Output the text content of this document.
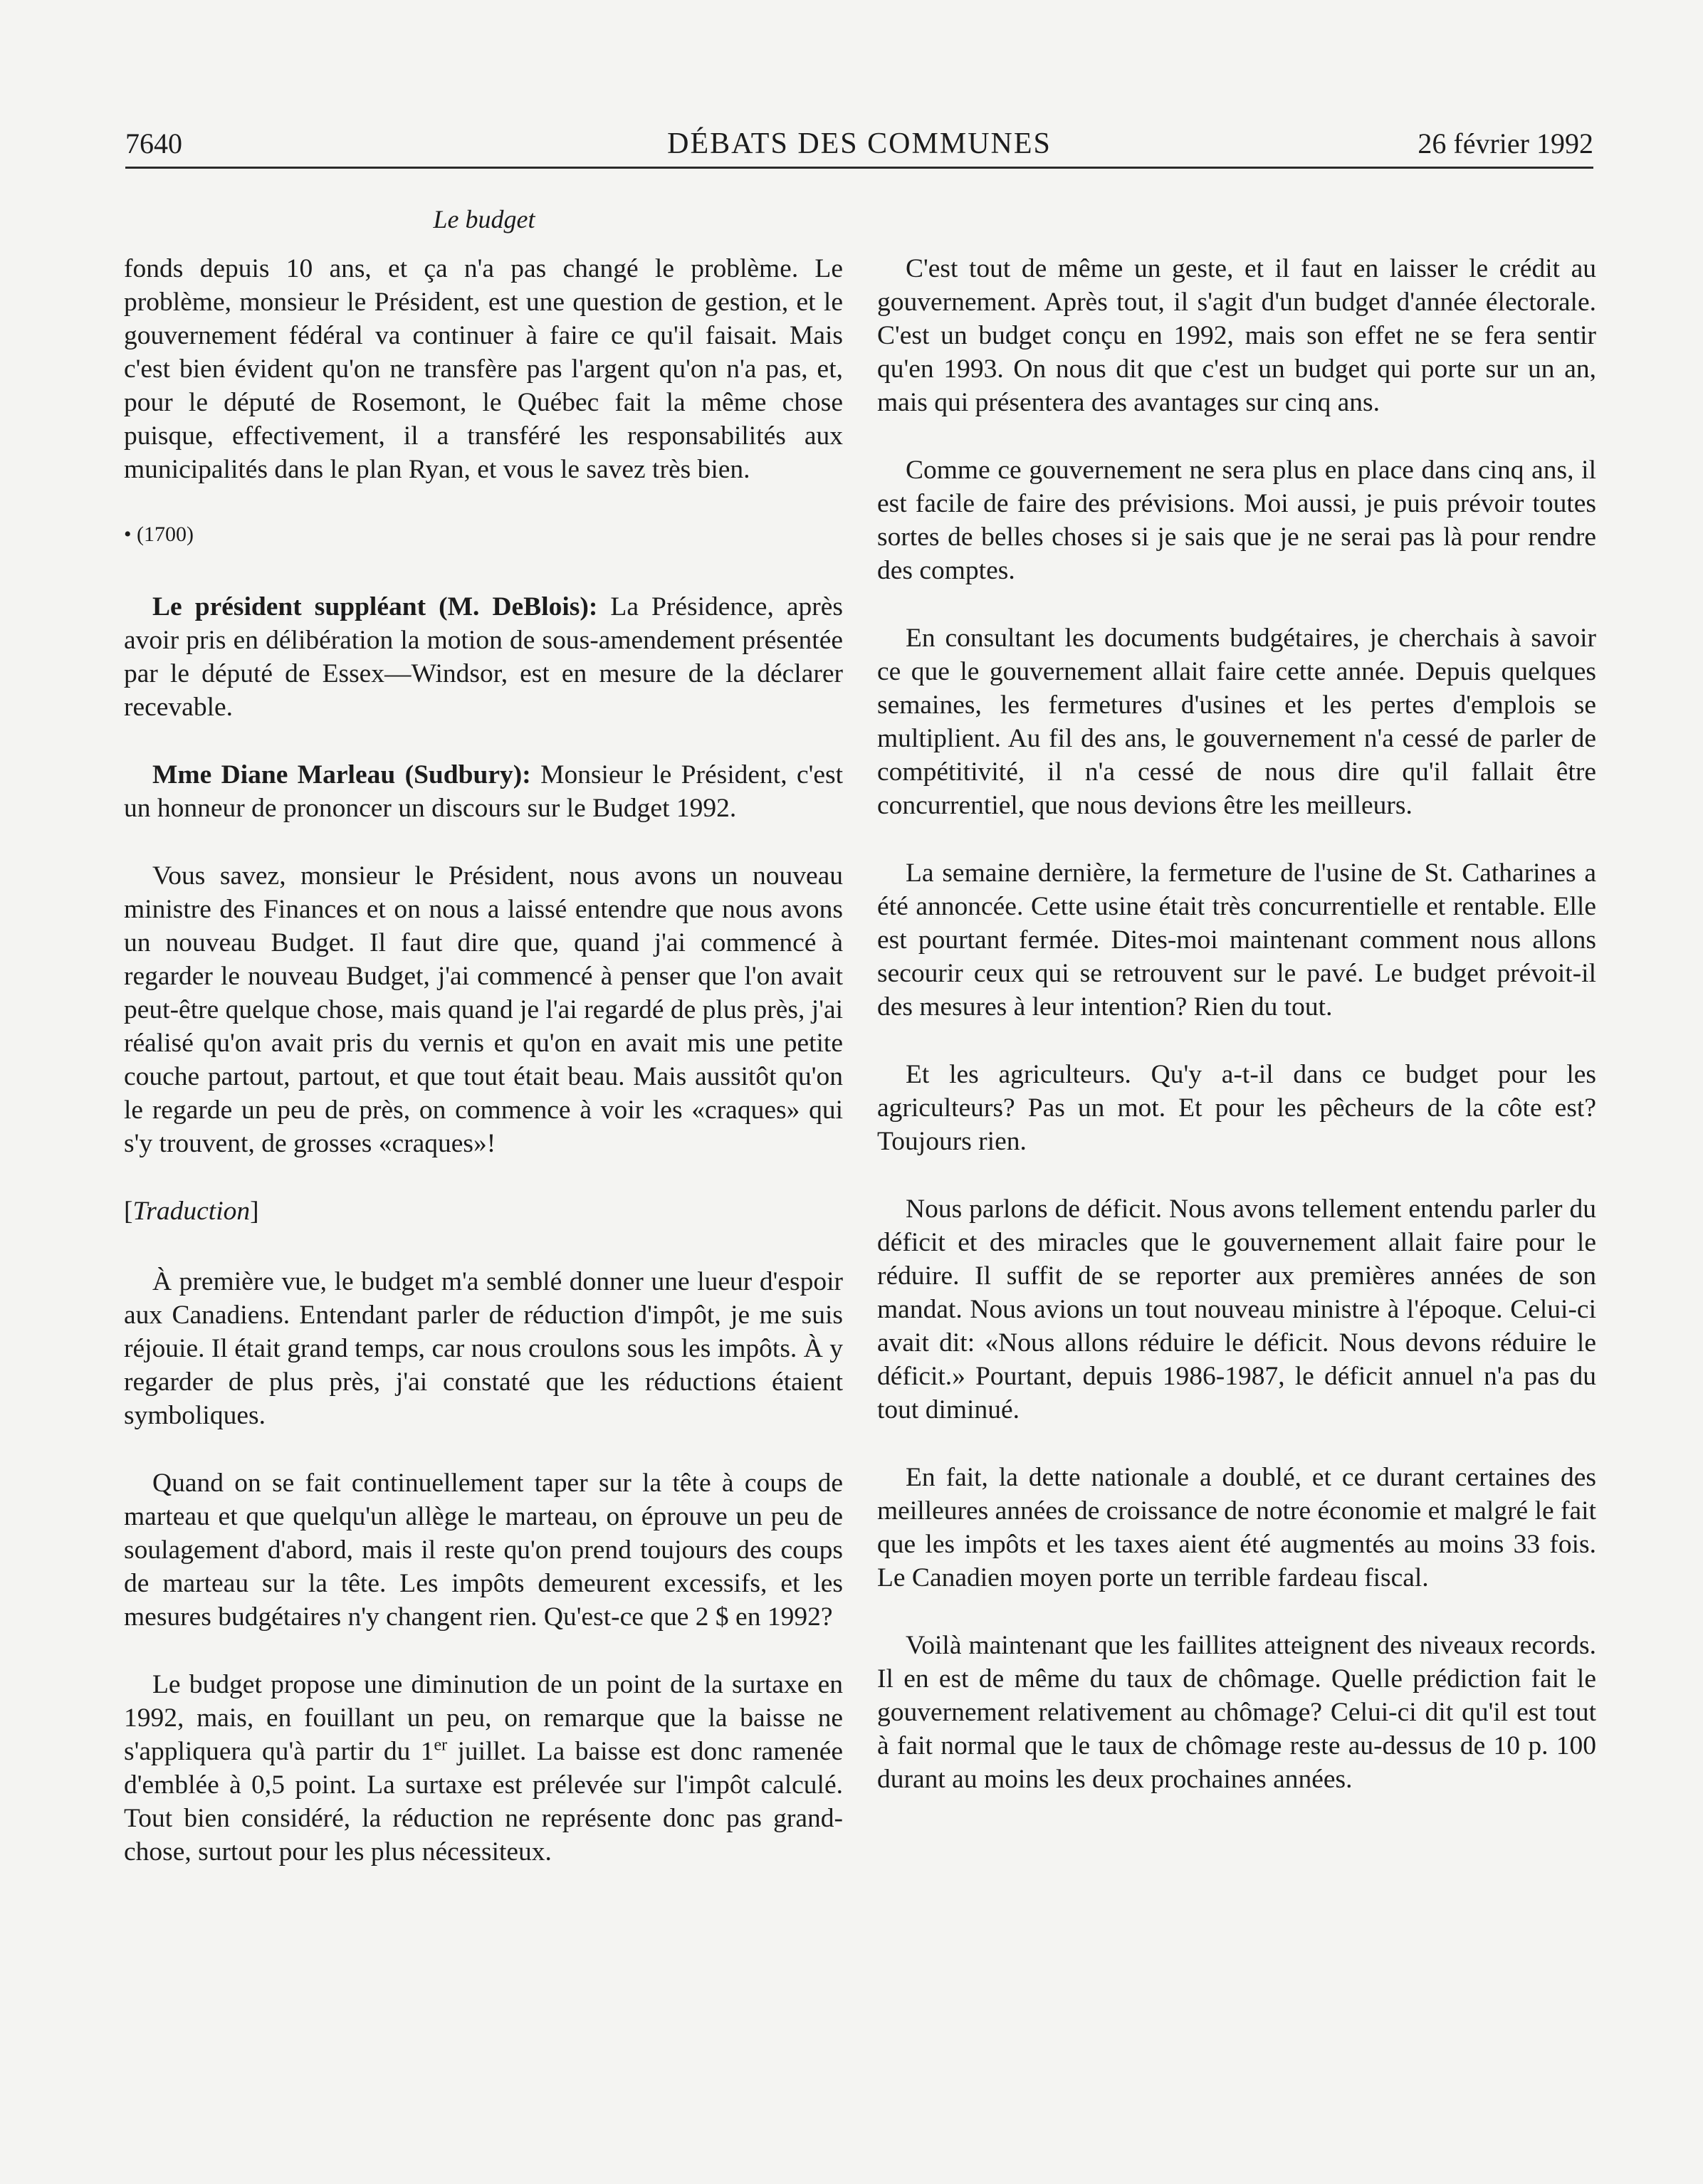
7640	DÉBATS DES COMMUNES	26 février 1992
Le budget

fonds depuis 10 ans, et ça n'a pas changé le problème. Le problème, monsieur le Président, est une question de gestion, et le gouvernement fédéral va continuer à faire ce qu'il faisait. Mais c'est bien évident qu'on ne transfère pas l'argent qu'on n'a pas, et, pour le député de Rosemont, le Québec fait la même chose puisque, effectivement, il a transféré les responsabilités aux municipalités dans le plan Ryan, et vous le savez très bien.

• (1700)

Le président suppléant (M. DeBlois): La Présidence, après avoir pris en délibération la motion de sous-amendement présentée par le député de Essex—Windsor, est en mesure de la déclarer recevable.

Mme Diane Marleau (Sudbury): Monsieur le Président, c'est un honneur de prononcer un discours sur le Budget 1992.

Vous savez, monsieur le Président, nous avons un nouveau ministre des Finances et on nous a laissé entendre que nous avons un nouveau Budget. Il faut dire que, quand j'ai commencé à regarder le nouveau Budget, j'ai commencé à penser que l'on avait peut-être quelque chose, mais quand je l'ai regardé de plus près, j'ai réalisé qu'on avait pris du vernis et qu'on en avait mis une petite couche partout, partout, et que tout était beau. Mais aussitôt qu'on le regarde un peu de près, on commence à voir les «craques» qui s'y trouvent, de grosses «craques»!

[Traduction]

À première vue, le budget m'a semblé donner une lueur d'espoir aux Canadiens. Entendant parler de réduction d'impôt, je me suis réjouie. Il était grand temps, car nous croulons sous les impôts. À y regarder de plus près, j'ai constaté que les réductions étaient symboliques.

Quand on se fait continuellement taper sur la tête à coups de marteau et que quelqu'un allège le marteau, on éprouve un peu de soulagement d'abord, mais il reste qu'on prend toujours des coups de marteau sur la tête. Les impôts demeurent excessifs, et les mesures budgétaires n'y changent rien. Qu'est-ce que 2 $ en 1992?

Le budget propose une diminution de un point de la surtaxe en 1992, mais, en fouillant un peu, on remarque que la baisse ne s'appliquera qu'à partir du 1er juillet. La baisse est donc ramenée d'emblée à 0,5 point. La surtaxe est prélevée sur l'impôt calculé. Tout bien considéré, la réduction ne représente donc pas grand-chose, surtout pour les plus nécessiteux.

C'est tout de même un geste, et il faut en laisser le crédit au gouvernement. Après tout, il s'agit d'un budget d'année électorale. C'est un budget conçu en 1992, mais son effet ne se fera sentir qu'en 1993. On nous dit que c'est un budget qui porte sur un an, mais qui présentera des avantages sur cinq ans.

Comme ce gouvernement ne sera plus en place dans cinq ans, il est facile de faire des prévisions. Moi aussi, je puis prévoir toutes sortes de belles choses si je sais que je ne serai pas là pour rendre des comptes.

En consultant les documents budgétaires, je cherchais à savoir ce que le gouvernement allait faire cette année. Depuis quelques semaines, les fermetures d'usines et les pertes d'emplois se multiplient. Au fil des ans, le gouvernement n'a cessé de parler de compétitivité, il n'a cessé de nous dire qu'il fallait être concurrentiel, que nous devions être les meilleurs.

La semaine dernière, la fermeture de l'usine de St. Catharines a été annoncée. Cette usine était très concurrentielle et rentable. Elle est pourtant fermée. Dites-moi maintenant comment nous allons secourir ceux qui se retrouvent sur le pavé. Le budget prévoit-il des mesures à leur intention? Rien du tout.

Et les agriculteurs. Qu'y a-t-il dans ce budget pour les agriculteurs? Pas un mot. Et pour les pêcheurs de la côte est? Toujours rien.

Nous parlons de déficit. Nous avons tellement entendu parler du déficit et des miracles que le gouvernement allait faire pour le réduire. Il suffit de se reporter aux premières années de son mandat. Nous avions un tout nouveau ministre à l'époque. Celui-ci avait dit: «Nous allons réduire le déficit. Nous devons réduire le déficit.» Pourtant, depuis 1986-1987, le déficit annuel n'a pas du tout diminué.

En fait, la dette nationale a doublé, et ce durant certaines des meilleures années de croissance de notre économie et malgré le fait que les impôts et les taxes aient été augmentés au moins 33 fois. Le Canadien moyen porte un terrible fardeau fiscal.

Voilà maintenant que les faillites atteignent des niveaux records. Il en est de même du taux de chômage. Quelle prédiction fait le gouvernement relativement au chômage? Celui-ci dit qu'il est tout à fait normal que le taux de chômage reste au-dessus de 10 p. 100 durant au moins les deux prochaines années.
